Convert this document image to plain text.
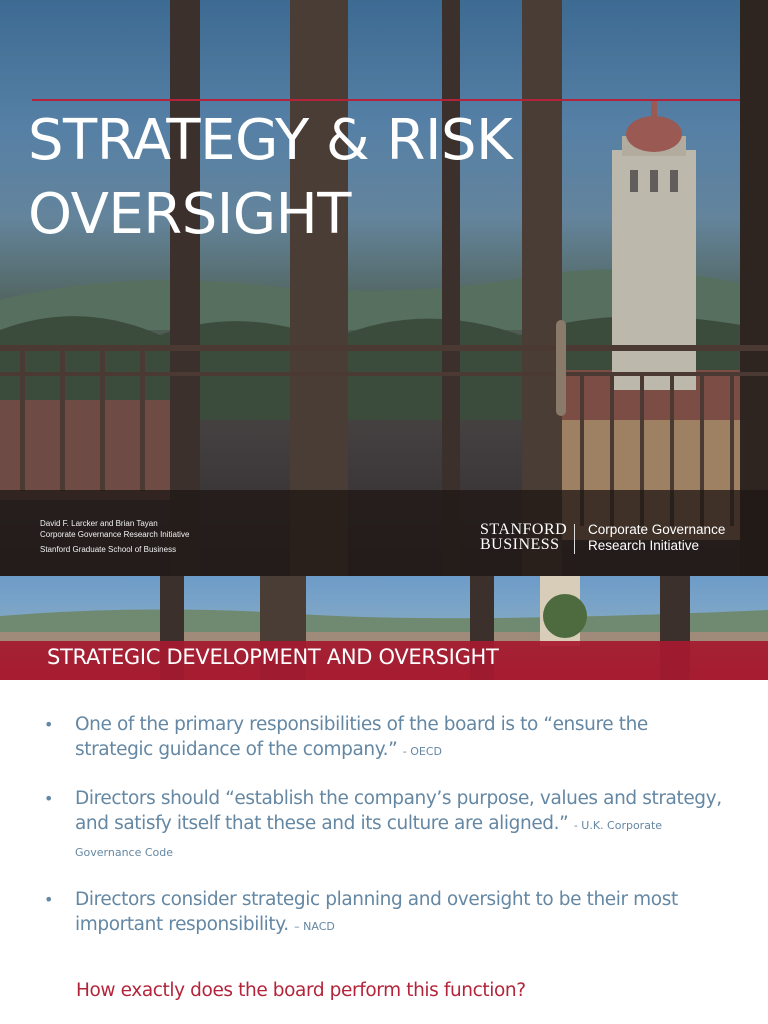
STRATEGY & RISK
OVERSIGHT
David F. Larcker and Brian Tayan
Corporate Governance Research Initiative
Stanford Graduate School of Business
STANFORD
BUSINESS
Corporate Governance
Research Initiative
STRATEGIC DEVELOPMENT AND OVERSIGHT
• One of the primary responsibilities of the board is to “ensure the strategic guidance of the company.” - OECD
• Directors should “establish the company’s purpose, values and strategy, and satisfy itself that these and its culture are aligned.” - U.K. Corporate Governance Code
• Directors consider strategic planning and oversight to be their most important responsibility. – NACD

How exactly does the board perform this function?
